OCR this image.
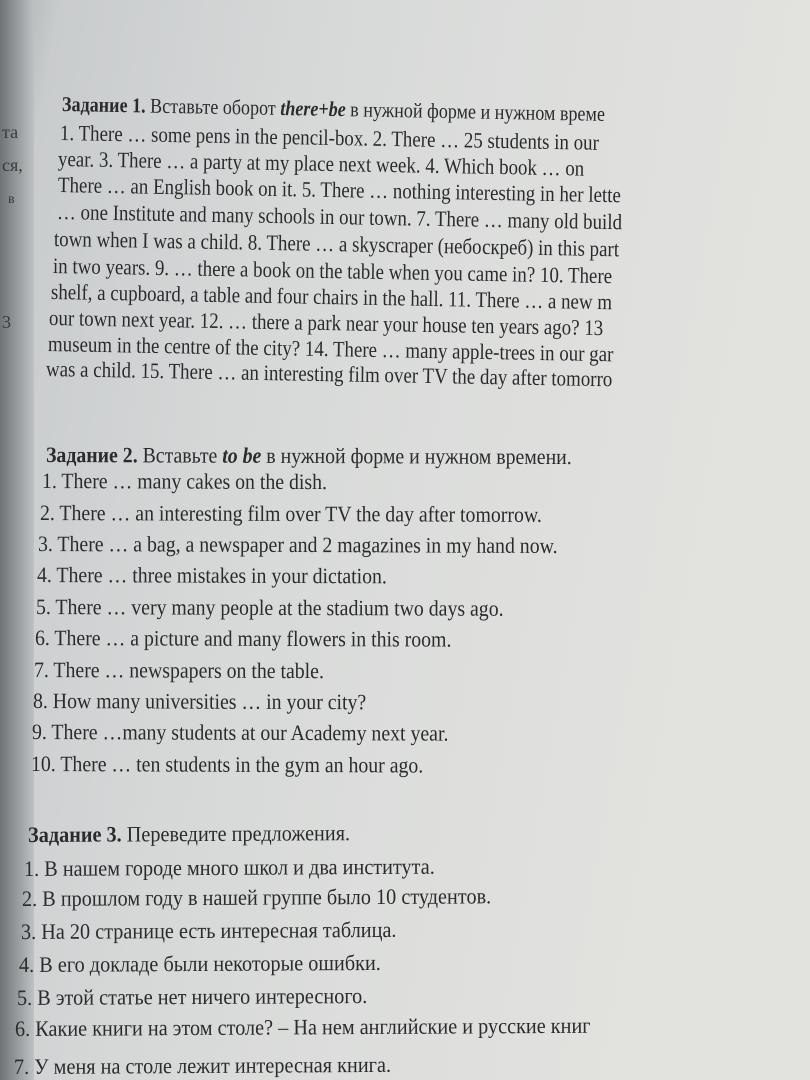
та
ся,
в
3
Задание 1. Вставьте оборот there+be в нужной форме и нужном време
1. There … some pens in the pencil-box. 2. There … 25 students in our
year. 3. There … a party at my place next week. 4. Which book … on
There … an English book on it. 5. There … nothing interesting in her lette
… one Institute and many schools in our town. 7. There … many old build
town when I was a child. 8. There … a skyscraper (небоскреб) in this part
in two years. 9. … there a book on the table when you came in? 10. There
shelf, a cupboard, a table and four chairs in the hall. 11. There … a new m
our town next year. 12. … there a park near your house ten years ago? 13
museum in the centre of the city? 14. There … many apple-trees in our gar
was a child. 15. There … an interesting film over TV the day after tomorro
Задание 2. Вставьте to be в нужной форме и нужном времени.
1. There … many cakes on the dish.
2. There … an interesting film over TV the day after tomorrow.
3. There … a bag, a newspaper and 2 magazines in my hand now.
4. There … three mistakes in your dictation.
5. There … very many people at the stadium two days ago.
6. There … a picture and many flowers in this room.
7. There … newspapers on the table.
8. How many universities … in your city?
9. There …many students at our Academy next year.
10. There … ten students in the gym an hour ago.
Задание 3. Переведите предложения.
1. В нашем городе много школ и два института.
2. В прошлом году в нашей группе было 10 студентов.
3. На 20 странице есть интересная таблица.
4. В его докладе были некоторые ошибки.
5. В этой статье нет ничего интересного.
6. Какие книги на этом столе? – На нем английские и русские книг
7. У меня на столе лежит интересная книга.
